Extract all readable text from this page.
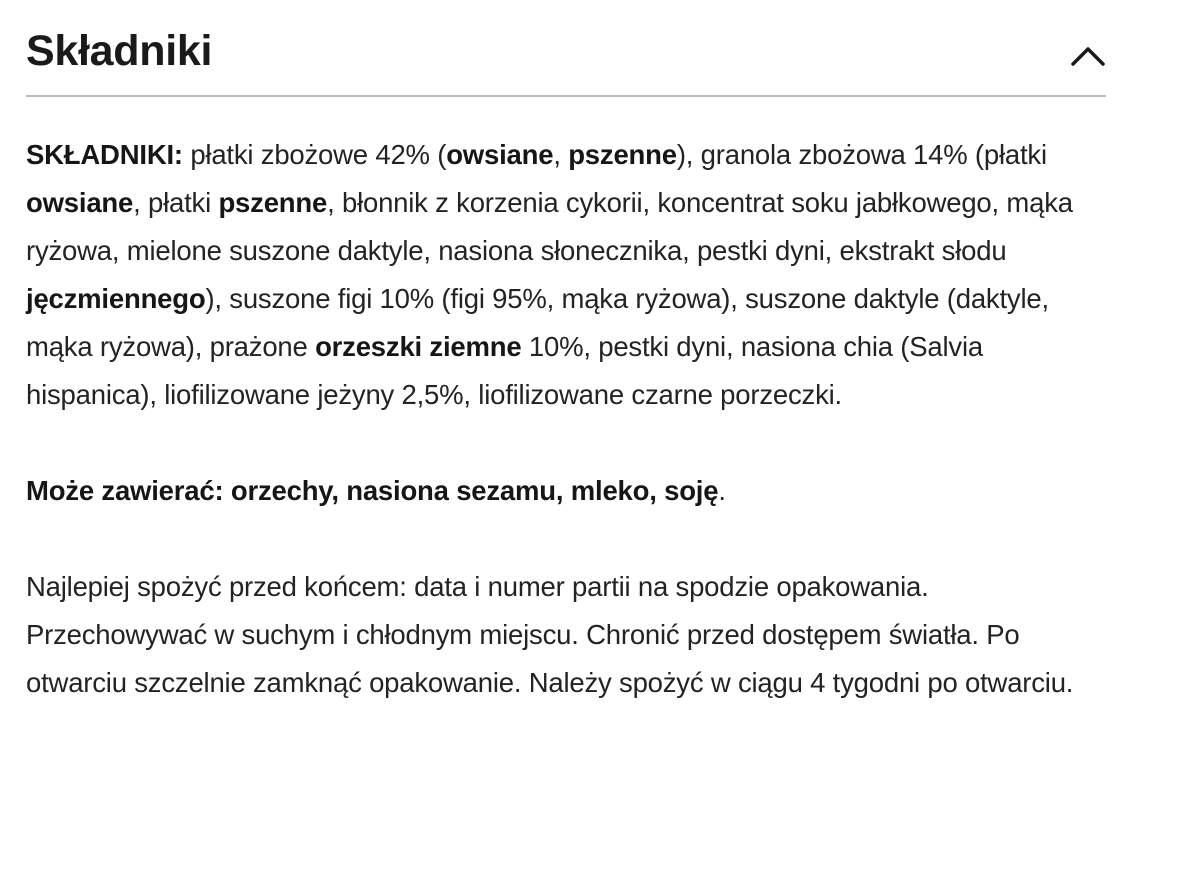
Składniki

SKŁADNIKI: płatki zbożowe 42% (owsiane, pszenne), granola zbożowa 14% (płatki owsiane, płatki pszenne, błonnik z korzenia cykorii, koncentrat soku jabłkowego, mąka ryżowa, mielone suszone daktyle, nasiona słonecznika, pestki dyni, ekstrakt słodu jęczmiennego), suszone figi 10% (figi 95%, mąka ryżowa), suszone daktyle (daktyle, mąka ryżowa), prażone orzeszki ziemne 10%, pestki dyni, nasiona chia (Salvia hispanica), liofilizowane jeżyny 2,5%, liofilizowane czarne porzeczki.

Może zawierać: orzechy, nasiona sezamu, mleko, soję.

Najlepiej spożyć przed końcem: data i numer partii na spodzie opakowania. Przechowywać w suchym i chłodnym miejscu. Chronić przed dostępem światła. Po otwarciu szczelnie zamknąć opakowanie. Należy spożyć w ciągu 4 tygodni po otwarciu.
